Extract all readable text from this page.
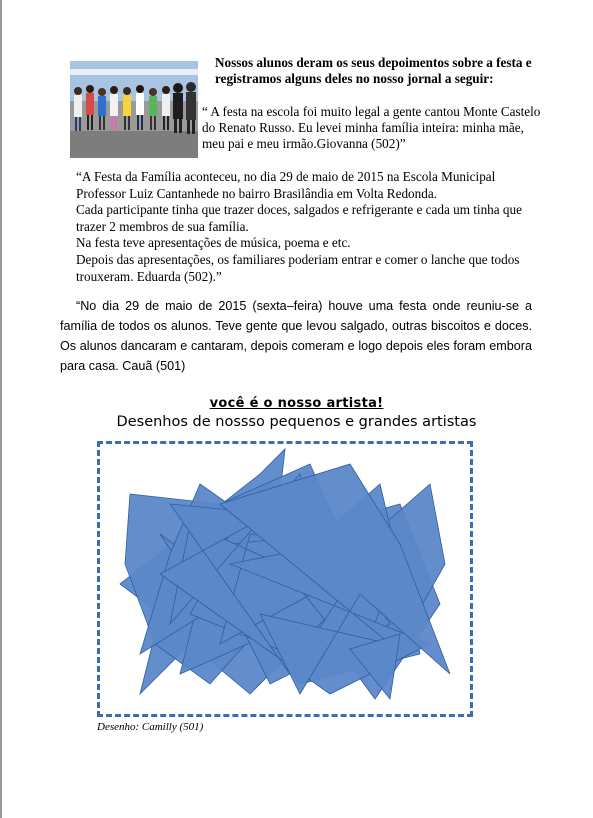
Nossos alunos deram os seus depoimentos sobre a festa e registramos alguns deles no nosso jornal a seguir:
“ A festa na escola foi muito legal a gente cantou Monte Castelo do Renato Russo. Eu levei minha família inteira: minha mãe, meu pai e meu irmão.Giovanna (502)”

“A Festa da Família aconteceu, no dia 29 de maio de 2015 na Escola Municipal Professor Luiz Cantanhede no bairro Brasilândia em Volta Redonda.

Cada participante tinha que trazer doces, salgados e refrigerante e cada um tinha que trazer 2 membros de sua família.

Na festa teve apresentações de música, poema e etc.

Depois das apresentações, os familiares poderiam entrar e comer o lanche que todos trouxeram. Eduarda (502).”

“No dia 29 de maio de 2015 (sexta–feira) houve uma festa onde reuniu-se a família de todos os alunos. Teve gente que levou salgado, outras biscoitos e doces. Os alunos dancaram e cantaram, depois comeram e logo depois eles foram embora para casa. Cauã (501)

você é o nosso artista!
Desenhos de nossso pequenos e grandes artistas
Desenho: Camilly (501)
